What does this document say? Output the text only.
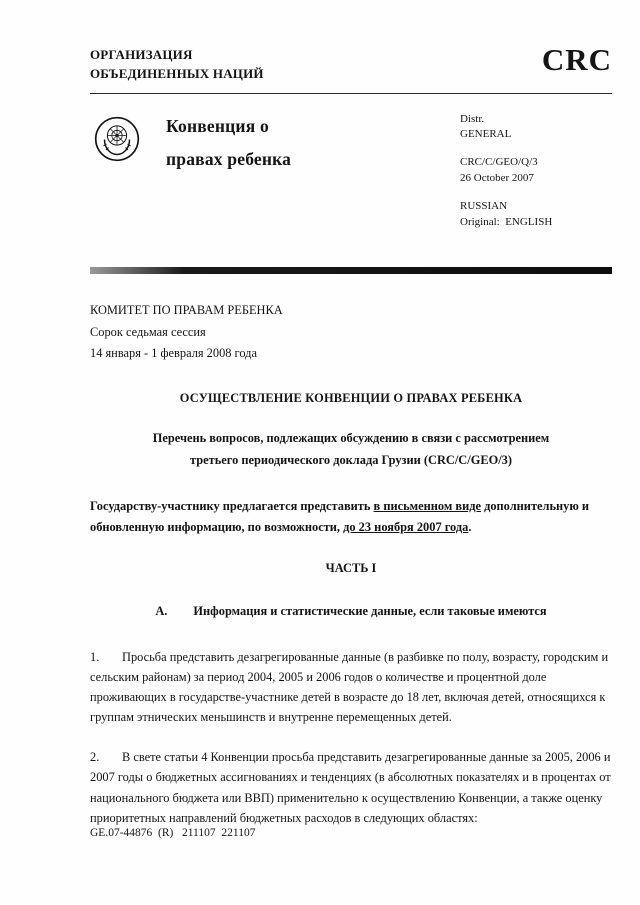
ОРГАНИЗАЦИЯ
ОБЪЕДИНЕННЫХ НАЦИЙ	CRC
Конвенция о
правах ребенка
Distr.
GENERAL
CRC/C/GEO/Q/3
26 October 2007
RUSSIAN
Original:  ENGLISH
КОМИТЕТ ПО ПРАВАМ РЕБЕНКА
Сорок седьмая сессия
14 января - 1 февраля 2008 года
ОСУЩЕСТВЛЕНИЕ КОНВЕНЦИИ О ПРАВАХ РЕБЕНКА
Перечень вопросов, подлежащих обсуждению в связи с рассмотрением
третьего периодического доклада Грузии (CRC/C/GEO/3)
Государству-участнику предлагается представить в письменном виде дополнительную и обновленную информацию, по возможности, до 23 ноября 2007 года.
ЧАСТЬ I
A. Информация и статистические данные, если таковые имеются

1. Просьба представить дезагрегированные данные (в разбивке по полу, возрасту, городским и сельским районам) за период 2004, 2005 и 2006 годов о количестве и процентной доле проживающих в государстве-участнике детей в возрасте до 18 лет, включая детей, относящихся к группам этнических меньшинств и внутренне перемещенных детей.

2. В свете статьи 4 Конвенции просьба представить дезагрегированные данные за 2005, 2006 и 2007 годы о бюджетных ассигнованиях и тенденциях (в абсолютных показателях и в процентах от национального бюджета или ВВП) применительно к осуществлению Конвенции, а также оценку приоритетных направлений бюджетных расходов в следующих областях:

GE.07-44876  (R)   211107  221107
